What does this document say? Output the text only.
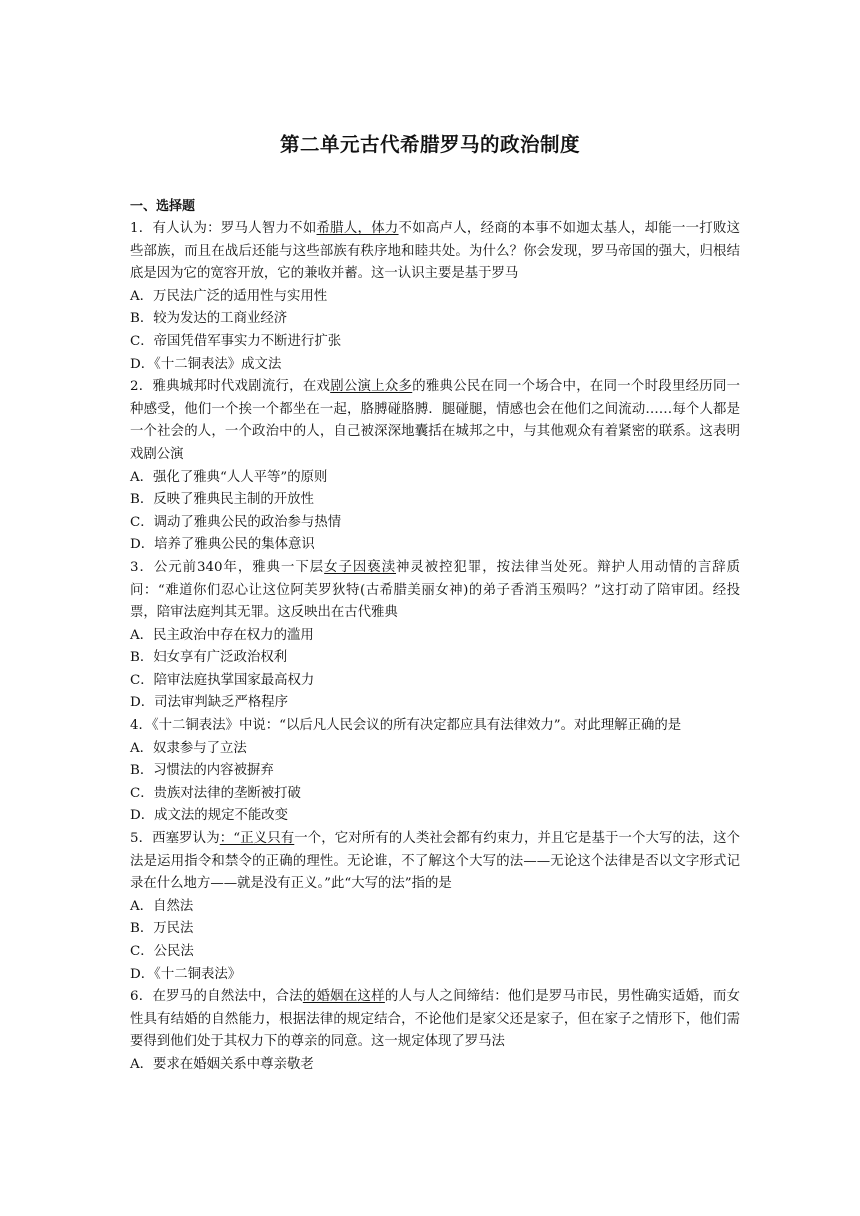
第二单元古代希腊罗马的政治制度

一、选择题

1．有人认为：罗马人智力不如希腊人，体力不如高卢人，经商的本事不如迦太基人，却能一一打败这些部族，而且在战后还能与这些部族有秩序地和睦共处。为什么？你会发现，罗马帝国的强大，归根结底是因为它的宽容开放，它的兼收并蓄。这一认识主要是基于罗马

A．万民法广泛的适用性与实用性

B．较为发达的工商业经济

C．帝国凭借军事实力不断进行扩张

D．《十二铜表法》成文法

2．雅典城邦时代戏剧流行，在戏剧公演上众多的雅典公民在同一个场合中，在同一个时段里经历同一种感受，他们一个挨一个都坐在一起，胳膊碰胳膊．腿碰腿，情感也会在他们之间流动……每个人都是一个社会的人，一个政治中的人，自己被深深地囊括在城邦之中，与其他观众有着紧密的联系。这表明戏剧公演

A．强化了雅典“人人平等”的原则

B．反映了雅典民主制的开放性

C．调动了雅典公民的政治参与热情

D．培养了雅典公民的集体意识

3．公元前340年，雅典一下层女子因亵渎神灵被控犯罪，按法律当处死。辩护人用动情的言辞质问：“难道你们忍心让这位阿芙罗狄特(古希腊美丽女神)的弟子香消玉殒吗？”这打动了陪审团。经投票，陪审法庭判其无罪。这反映出在古代雅典

A．民主政治中存在权力的滥用

B．妇女享有广泛政治权利

C．陪审法庭执掌国家最高权力

D．司法审判缺乏严格程序

4．《十二铜表法》中说：“以后凡人民会议的所有决定都应具有法律效力”。对此理解正确的是

A．奴隶参与了立法

B．习惯法的内容被摒弃

C．贵族对法律的垄断被打破

D．成文法的规定不能改变

5．西塞罗认为：“正义只有一个，它对所有的人类社会都有约束力，并且它是基于一个大写的法，这个法是运用指令和禁令的正确的理性。无论谁，不了解这个大写的法——无论这个法律是否以文字形式记录在什么地方——就是没有正义。”此“大写的法”指的是

A．自然法

B．万民法

C．公民法

D．《十二铜表法》

6．在罗马的自然法中，合法的婚姻在这样的人与人之间缔结：他们是罗马市民，男性确实适婚，而女性具有结婚的自然能力，根据法律的规定结合，不论他们是家父还是家子，但在家子之情形下，他们需要得到他们处于其权力下的尊亲的同意。这一规定体现了罗马法

A．要求在婚姻关系中尊亲敬老
